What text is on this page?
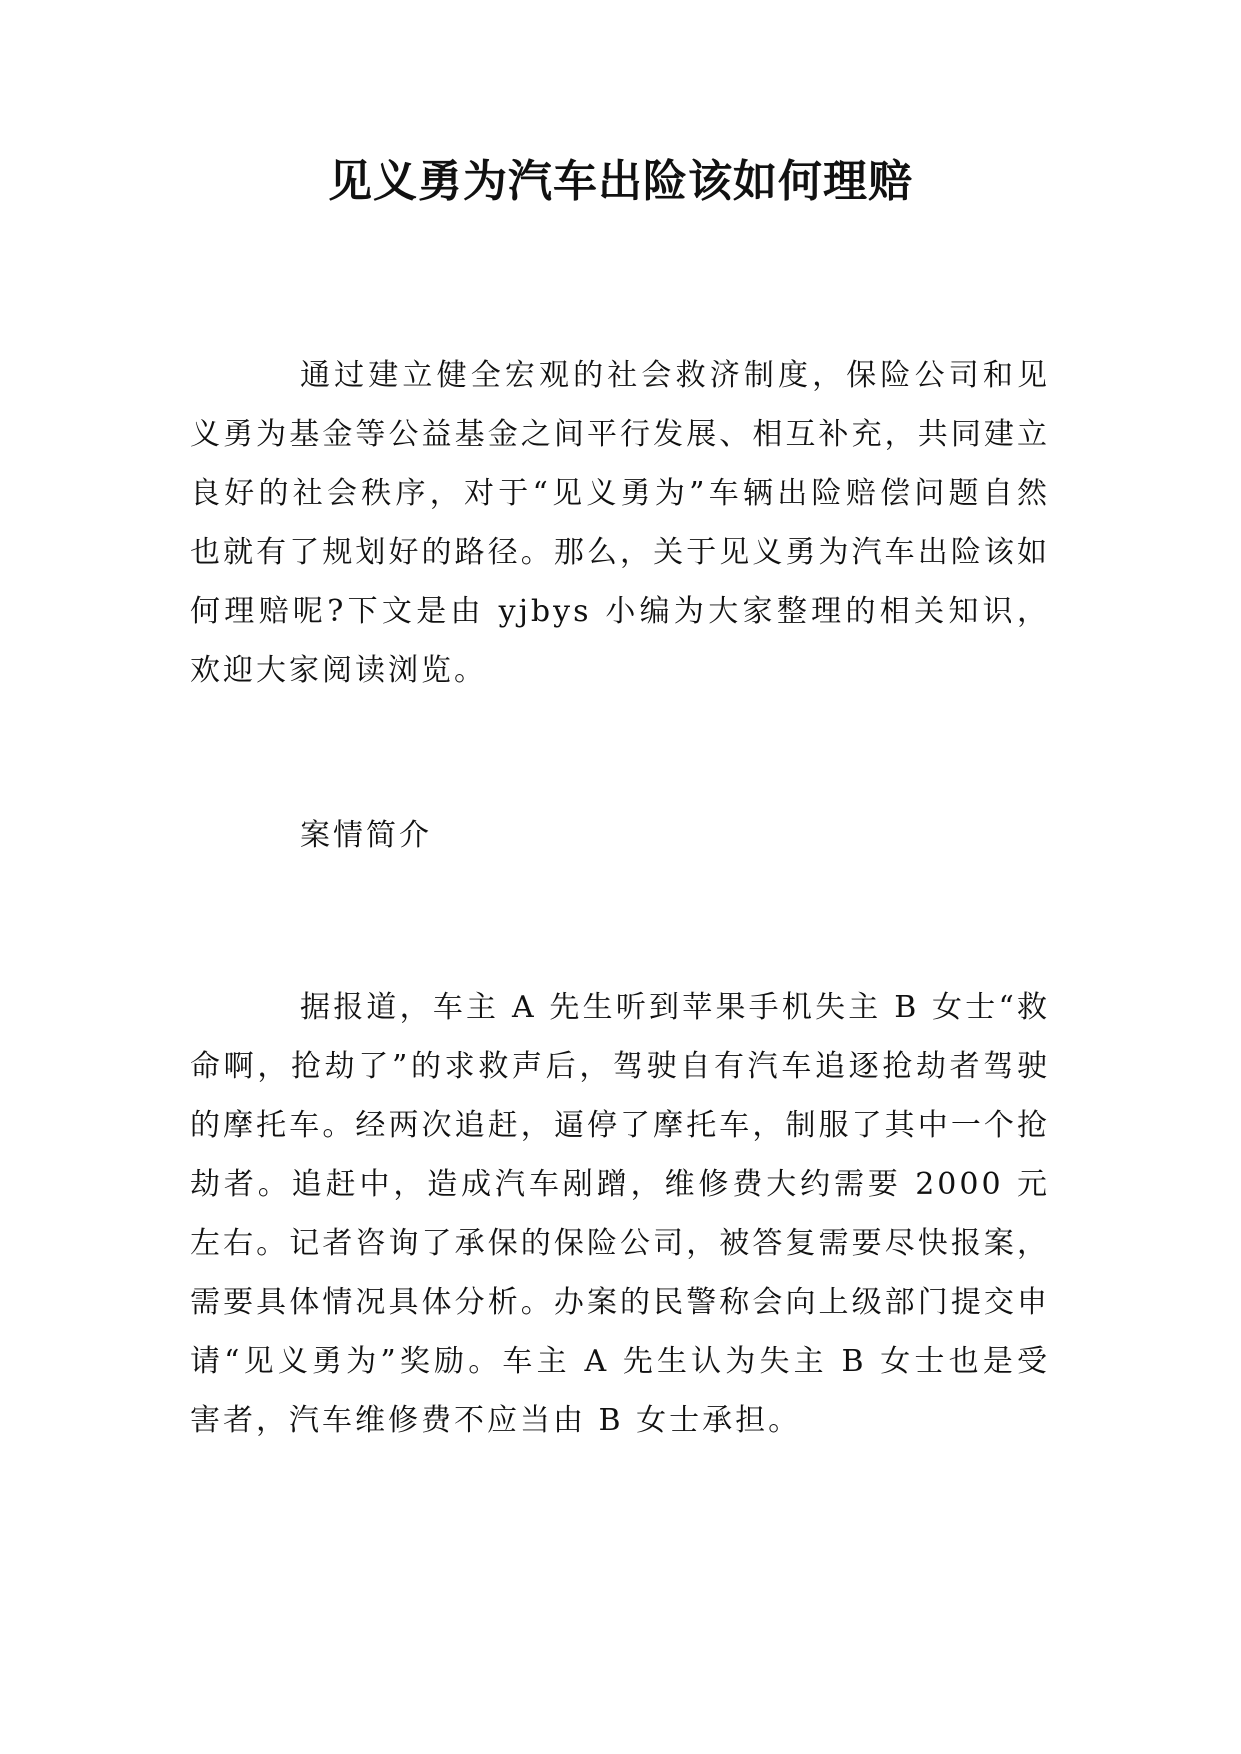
见义勇为汽车出险该如何理赔

通过建立健全宏观的社会救济制度，保险公司和见义勇为基金等公益基金之间平行发展、相互补充，共同建立良好的社会秩序，对于“见义勇为”车辆出险赔偿问题自然也就有了规划好的路径。那么，关于见义勇为汽车出险该如何理赔呢?下文是由 yjbys 小编为大家整理的相关知识，欢迎大家阅读浏览。

案情简介

据报道，车主 A 先生听到苹果手机失主 B 女士“救命啊，抢劫了”的求救声后，驾驶自有汽车追逐抢劫者驾驶的摩托车。经两次追赶，逼停了摩托车，制服了其中一个抢劫者。追赶中，造成汽车剐蹭，维修费大约需要 2000 元左右。记者咨询了承保的保险公司，被答复需要尽快报案，需要具体情况具体分析。办案的民警称会向上级部门提交申请“见义勇为”奖励。车主 A 先生认为失主 B 女士也是受害者，汽车维修费不应当由 B 女士承担。
